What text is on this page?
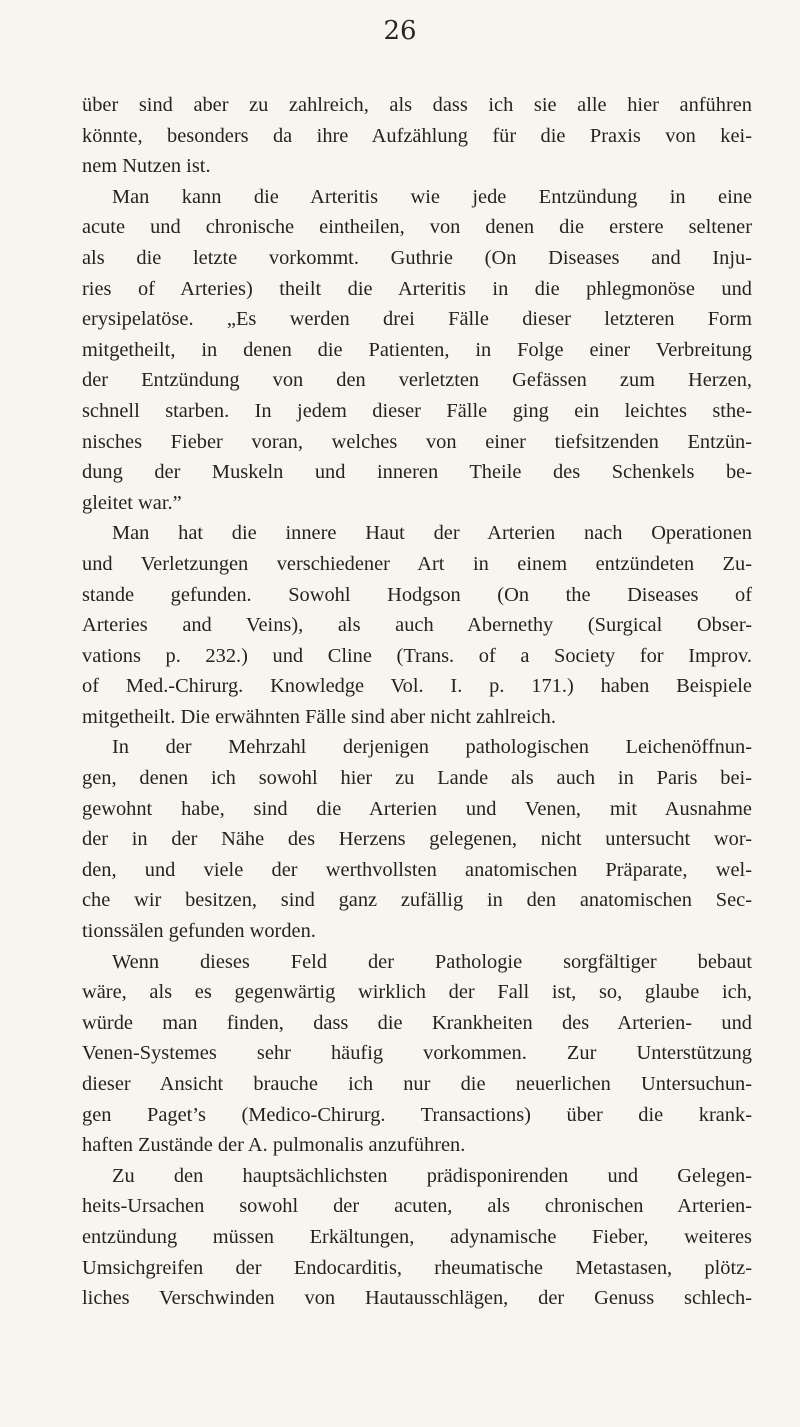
26
über sind aber zu zahlreich, als dass ich sie alle hier anführen
könnte, besonders da ihre Aufzählung für die Praxis von kei-
nem Nutzen ist.
Man kann die Arteritis wie jede Entzündung in eine
acute und chronische eintheilen, von denen die erstere seltener
als die letzte vorkommt. Guthrie (On Diseases and Inju-
ries of Arteries) theilt die Arteritis in die phlegmonöse und
erysipelatöse. „Es werden drei Fälle dieser letzteren Form
mitgetheilt, in denen die Patienten, in Folge einer Verbreitung
der Entzündung von den verletzten Gefässen zum Herzen,
schnell starben. In jedem dieser Fälle ging ein leichtes sthe-
nisches Fieber voran, welches von einer tiefsitzenden Entzün-
dung der Muskeln und inneren Theile des Schenkels be-
gleitet war.”
Man hat die innere Haut der Arterien nach Operationen
und Verletzungen verschiedener Art in einem entzündeten Zu-
stande gefunden. Sowohl Hodgson (On the Diseases of
Arteries and Veins), als auch Abernethy (Surgical Obser-
vations p. 232.) und Cline (Trans. of a Society for Improv.
of Med.-Chirurg. Knowledge Vol. I. p. 171.) haben Beispiele
mitgetheilt. Die erwähnten Fälle sind aber nicht zahlreich.
In der Mehrzahl derjenigen pathologischen Leichenöffnun-
gen, denen ich sowohl hier zu Lande als auch in Paris bei-
gewohnt habe, sind die Arterien und Venen, mit Ausnahme
der in der Nähe des Herzens gelegenen, nicht untersucht wor-
den, und viele der werthvollsten anatomischen Präparate, wel-
che wir besitzen, sind ganz zufällig in den anatomischen Sec-
tionssälen gefunden worden.
Wenn dieses Feld der Pathologie sorgfältiger bebaut
wäre, als es gegenwärtig wirklich der Fall ist, so, glaube ich,
würde man finden, dass die Krankheiten des Arterien- und
Venen-Systemes sehr häufig vorkommen. Zur Unterstützung
dieser Ansicht brauche ich nur die neuerlichen Untersuchun-
gen Paget’s (Medico-Chirurg. Transactions) über die krank-
haften Zustände der A. pulmonalis anzuführen.
Zu den hauptsächlichsten prädisponirenden und Gelegen-
heits-Ursachen sowohl der acuten, als chronischen Arterien-
entzündung müssen Erkältungen, adynamische Fieber, weiteres
Umsichgreifen der Endocarditis, rheumatische Metastasen, plötz-
liches Verschwinden von Hautausschlägen, der Genuss schlech-
